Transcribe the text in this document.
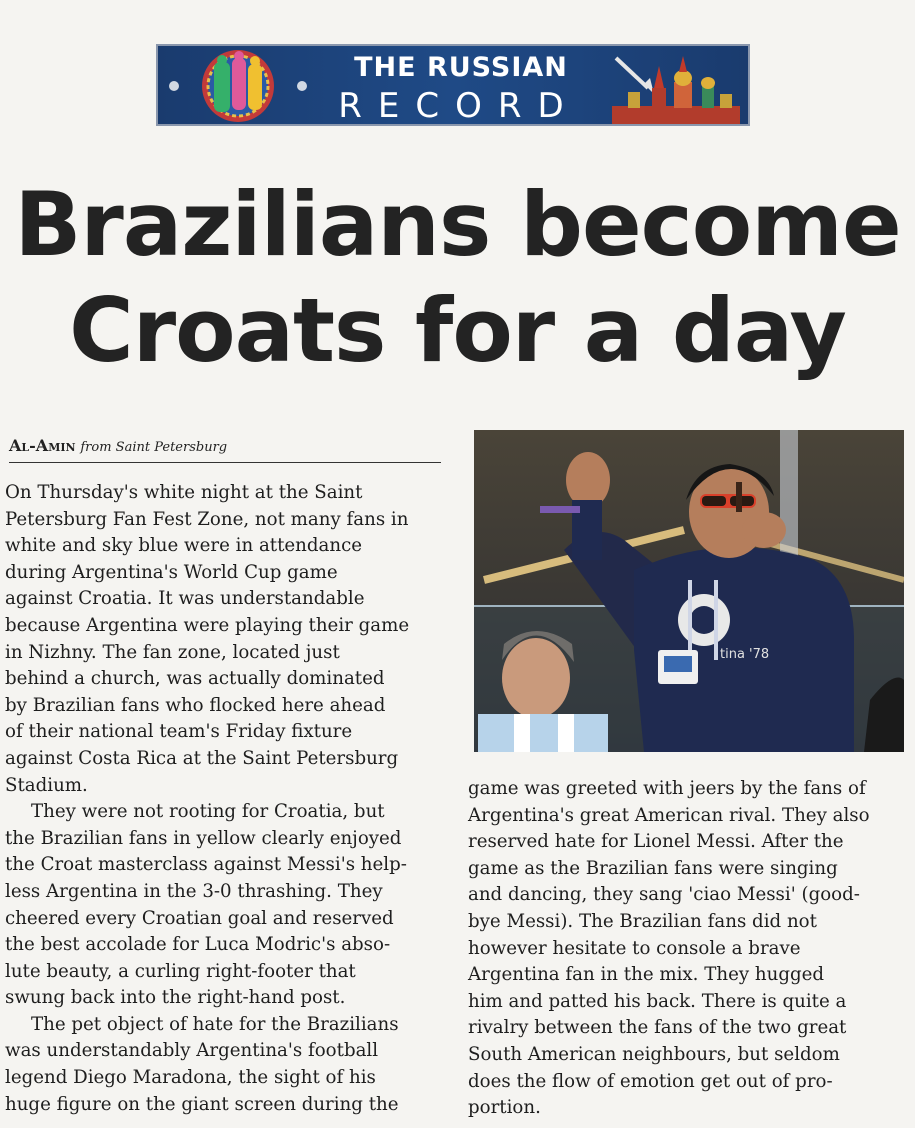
THE RUSSIAN
RECORD
Brazilians become
Croats for a day
Al-Amin from Saint Petersburg

On Thursday's white night at the Saint
Petersburg Fan Fest Zone, not many fans in
white and sky blue were in attendance
during Argentina's World Cup game
against Croatia. It was understandable
because Argentina were playing their game
in Nizhny. The fan zone, located just
behind a church, was actually dominated
by Brazilian fans who flocked here ahead
of their national team's Friday fixture
against Costa Rica at the Saint Petersburg
Stadium.

They were not rooting for Croatia, but
the Brazilian fans in yellow clearly enjoyed
the Croat masterclass against Messi's help-
less Argentina in the 3-0 thrashing. They
cheered every Croatian goal and reserved
the best accolade for Luca Modric's abso-
lute beauty, a curling right-footer that
swung back into the right-hand post.

The pet object of hate for the Brazilians
was understandably Argentina's football
legend Diego Maradona, the sight of his
huge figure on the giant screen during the

tina '78

game was greeted with jeers by the fans of
Argentina's great American rival. They also
reserved hate for Lionel Messi. After the
game as the Brazilian fans were singing
and dancing, they sang 'ciao Messi' (good-
bye Messi). The Brazilian fans did not
however hesitate to console a brave
Argentina fan in the mix. They hugged
him and patted his back. There is quite a
rivalry between the fans of the two great
South American neighbours, but seldom
does the flow of emotion get out of pro-
portion.
